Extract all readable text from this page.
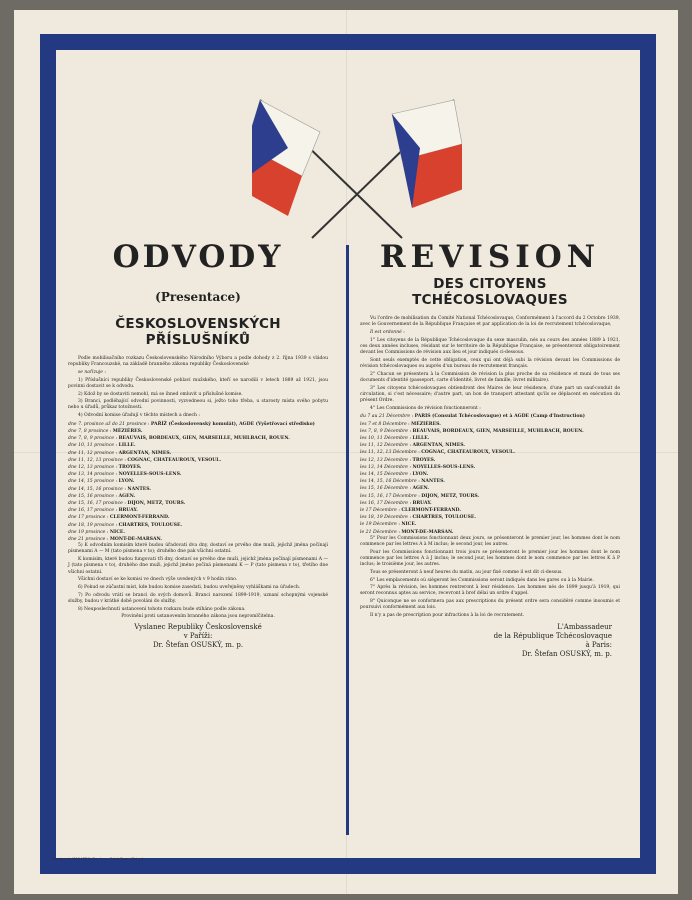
ODVODY (Presentace)
ČESKOSLOVENSKÝCH PŘÍSLUŠNÍKŮ

Podle mobilisačního rozkazu Československého Národního Výboru a podle dohody z 2. října 1939 s vládou republiky Francouzské, na základě branného zákona republiky Československé

se nařizuje :

1) Příslušníci republiky Československé pohlaví mužského, kteří se narodili v letech 1889 až 1921, jsou povinni dostavit se k odvodu.

2) Kdož by se dostaviti nemohl, má se ihned omluvit u příslušné komise.

3) Branci, podléhající odvodní povinnosti, vyzvedneou si, ježto toho třeba, u starosty místa svého pobytu nebo u úřadů, průkaz totožnosti.

4) Odvodní komise úřadují v těchto místech a dnech :

dne 7. prosince až do 21 prosince : PAŘÍŽ (Československý komulát), AGDE (Vyšetřovací středisko)
dne 7, 8 prosince : MÉZIÈRES.
dne 7, 8, 9 prosince : BEAUVAIS, BORDEAUX, GIEN, MARSEILLE, MUHLBACH, ROUEN.
dne 10, 11 prosince : LILLE.
dne 11, 12 prosince : ARGENTAN, NIMES.
dne 11, 12, 13 prosince : COGNAC, CHATEAUROUX, VESOUL.
dne 12, 13 prosince : TROYES.
dne 13, 14 prosince : NOYELLES-SOUS-LENS.
dne 14, 15 prosince : LYON.
dne 14, 15, 16 prosince : NANTES.
dne 15, 16 prosince : AGEN.
dne 15, 16, 17 prosince : DIJON, METZ, TOURS.
dne 16, 17 prosince : BRUAY.
dne 17 prosince : CLERMONT-FERRAND.
dne 18, 19 prosince : CHARTRES, TOULOUSE.
dne 19 prosince : NICE.
dne 21 prosince : MONT-DE-MARSAN.

5) K odvodním komisím které budou úřadovati dva dny, dostaví se prvého dne muži, jejichž jména počínají písmenami A — M (tato písmena v to); druhého dne pak všichni ostatní.

K komisím, které budou fungovati tři dny, dostaví se prvého dne muži, jejichž jména počínají písmenami A — J (tato písmena v to), druhého dne muži, jejichž jméno počíná písmenami K — P (tato písmena v to), třetího dne všichni ostatní.

Všichni dostaví se ke komisi ve dnech výše uvedených v 9 hodin ráno.

6) Pokud se zúčastní míst, kde budou komise zasedati, budou uveřejněny vyhláškami na úřadech.

7) Po odvodu vrátí se branci do svých domovů. Branci narození 1899-1919, uznaní schopnými vojenské služby, budou v krátké době povoláni do služby.

8) Neuposlechnutí ustanovení tohoto rozkazu bude stíháno podle zákona.

Provinění proti ustanovením branného zákona jsou nepromlčitelna.

Vyslanec Republiky Československé
v Paříži:
Dr. Štefan OSUSKÝ, m. p.
REVISION
DES CITOYENS TCHÉCOSLOVAQUES

Vu l'ordre de mobilisation du Comité National Tchécoslovaque, Conformément à l'accord du 2 Octobre 1939, avec le Gouvernement de la République Française et par application de la loi de recrutement tchécoslovaque,

Il est ordonné :

1° Les citoyens de la République Tchécoslovaque du sexe masculin, nés au cours des années 1889 à 1921, ces deux années incluses, résidant sur le territoire de la République Française, se présenteront obligatoirement devant les Commissions de révision aux lieu et jour indiqués ci-dessous.

Sont seuls exemptés de cette obligation, ceux qui ont déjà subi la révision devant les Commissions de révision tchécoslovaques ou auprès d'un bureau de recrutement français.

2° Chacun se présentera à la Commission de révision la plus proche de sa résidence et muni de tous ses documents d'identité (passeport, carte d'identité, livret de famille, livret militaire).

3° Les citoyens tchécoslovaques obtiendront des Maires de leur résidence, d'une part un sauf-conduit de circulation, si c'est nécessaire; d'autre part, un bon de transport attestant qu'ils se déplacent en exécution du présent Ordre.

4° Les Commissions de révision fonctionneront :

du 7 au 21 Décembre : PARIS (Consulat Tchécoslovaque) et à AGDE (Camp d'Instruction)
les 7 et 8 Décembre : MÉZIÈRES.
les 7, 8, 9 Décembre : BEAUVAIS, BORDEAUX, GIEN, MARSEILLE, MUHLBACH, ROUEN.
les 10, 11 Décembre : LILLE.
les 11, 12 Décembre : ARGENTAN, NIMES.
les 11, 12, 13 Décembre : COGNAC, CHATEAUROUX, VESOUL.
les 12, 13 Décembre : TROYES.
les 13, 14 Décembre : NOYELLES-SOUS-LENS.
les 14, 15 Décembre : LYON.
les 14, 15, 16 Décembre : NANTES.
les 15, 16 Décembre : AGEN.
les 15, 16, 17 Décembre : DIJON, METZ, TOURS.
les 16, 17 Décembre : BRUAY.
le 17 Décembre : CLERMONT-FERRAND.
les 18, 19 Décembre : CHARTRES, TOULOUSE.
le 19 Décembre : NICE.
le 21 Décembre : MONT-DE-MARSAN.

5° Pour les Commissions fonctionnant deux jours, se présenteront le premier jour, les hommes dont le nom commence par les lettres A à M inclus; le second jour, les autres.

Pour les Commissions fonctionnant trois jours se présenteront le premier jour les hommes dont le nom commence par les lettres A à J inclus; le second jour, les hommes dont le nom commence par les lettres K à P inclus; le troisième jour, les autres.

Tous se présenteront à neuf heures du matin, au jour fixé comme il est dit ci-dessus.

6° Les emplacements où siègeront les Commissions seront indiqués dans les gares ou à la Mairie.

7° Après la révision, les hommes rentreront à leur résidence. Les hommes nés de 1899 jusqu'à 1919, qui seront reconnus aptes au service, recevront à bref délai un ordre d'appel.

8° Quiconque ne se conformera pas aux prescriptions du présent ordre sera considéré comme insoumis et poursuivi conformément aux lois.

Il n'y a pas de prescription pour infractions à la loi de recrutement.

L'Ambassadeur
de la République Tchécoslovaque
à Paris:
Dr. Štefan OSUSKÝ, m. p.
Imprimerie MAILLET & Cie, Imp., Saint-Ouen (Seine)
